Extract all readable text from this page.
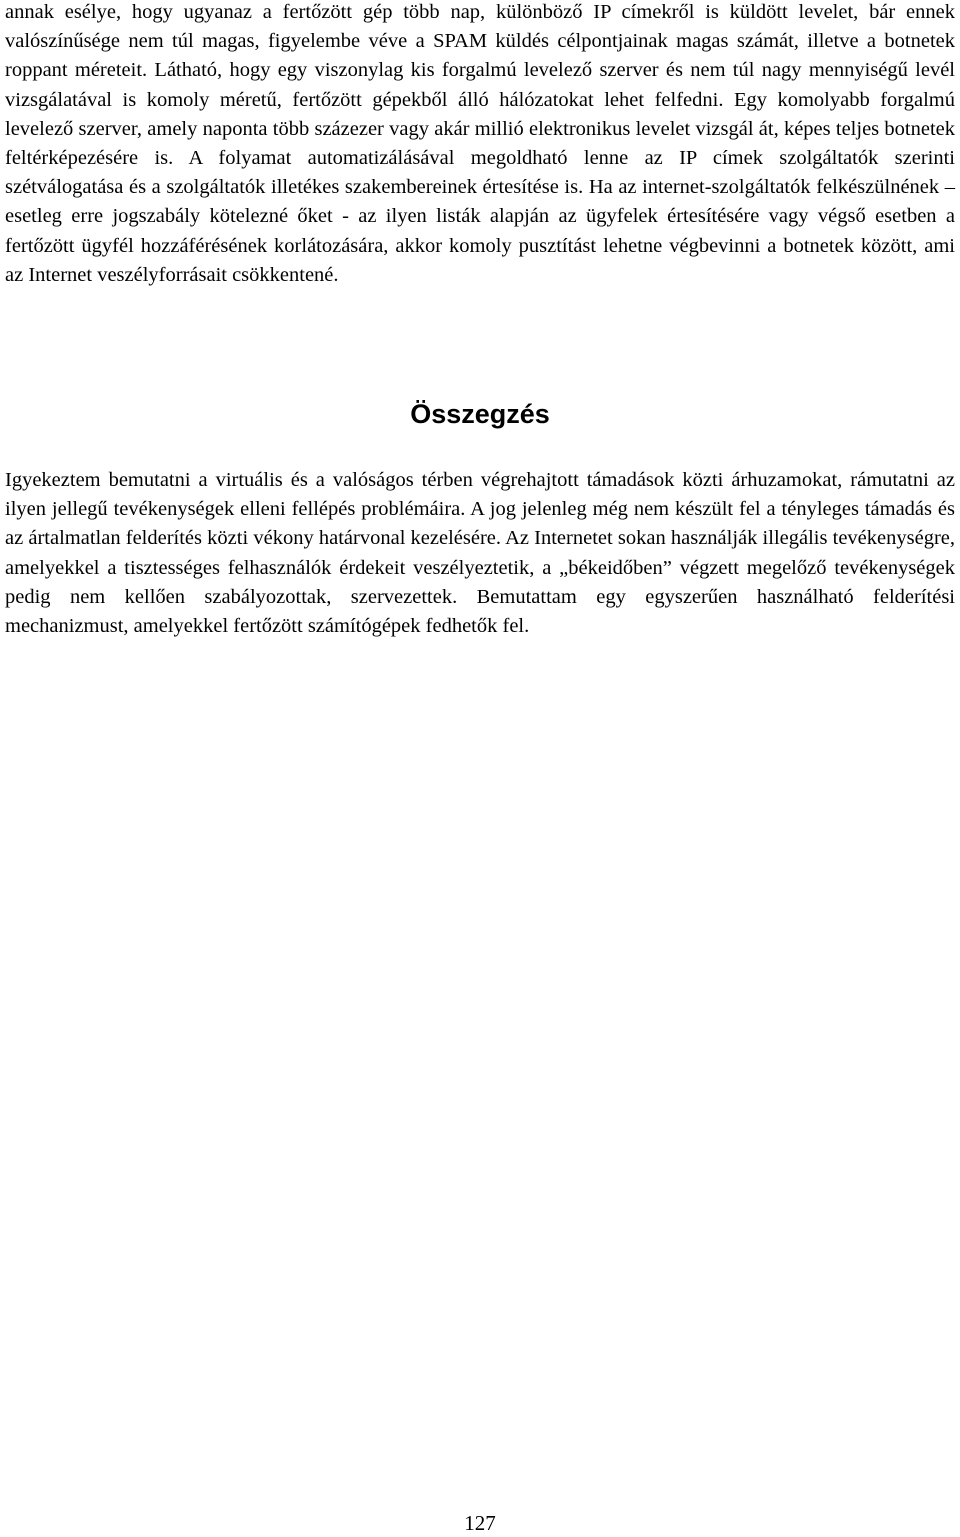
annak esélye, hogy ugyanaz a fertőzött gép több nap, különböző IP címekről is küldött levelet, bár ennek valószínűsége nem túl magas, figyelembe véve a SPAM küldés célpontjainak magas számát, illetve a botnetek roppant méreteit. Látható, hogy egy viszonylag kis forgalmú levelező szerver és nem túl nagy mennyiségű levél vizsgálatával is komoly méretű, fertőzött gépekből álló hálózatokat lehet felfedni. Egy komolyabb forgalmú levelező szerver, amely naponta több százezer vagy akár millió elektronikus levelet vizsgál át, képes teljes botnetek feltérképezésére is. A folyamat automatizálásával megoldható lenne az IP címek szolgáltatók szerinti szétválogatása és a szolgáltatók illetékes szakembereinek értesítése is. Ha az internet-szolgáltatók felkészülnének – esetleg erre jogszabály kötelezné őket - az ilyen listák alapján az ügyfelek értesítésére vagy végső esetben a fertőzött ügyfél hozzáférésének korlátozására, akkor komoly pusztítást lehetne végbevinni a botnetek között, ami az Internet veszélyforrásait csökkentené.

Összegzés

Igyekeztem bemutatni a virtuális és a valóságos térben végrehajtott támadások közti árhuzamokat, rámutatni az ilyen jellegű tevékenységek elleni fellépés problémáira. A jog jelenleg még nem készült fel a tényleges támadás és az ártalmatlan felderítés közti vékony határvonal kezelésére. Az Internetet sokan használják illegális tevékenységre, amelyekkel a tisztességes felhasználók érdekeit veszélyeztetik, a „békeidőben” végzett megelőző tevékenységek pedig nem kellően szabályozottak, szervezettek. Bemutattam egy egyszerűen használható felderítési mechanizmust, amelyekkel fertőzött számítógépek fedhetők fel.

127
